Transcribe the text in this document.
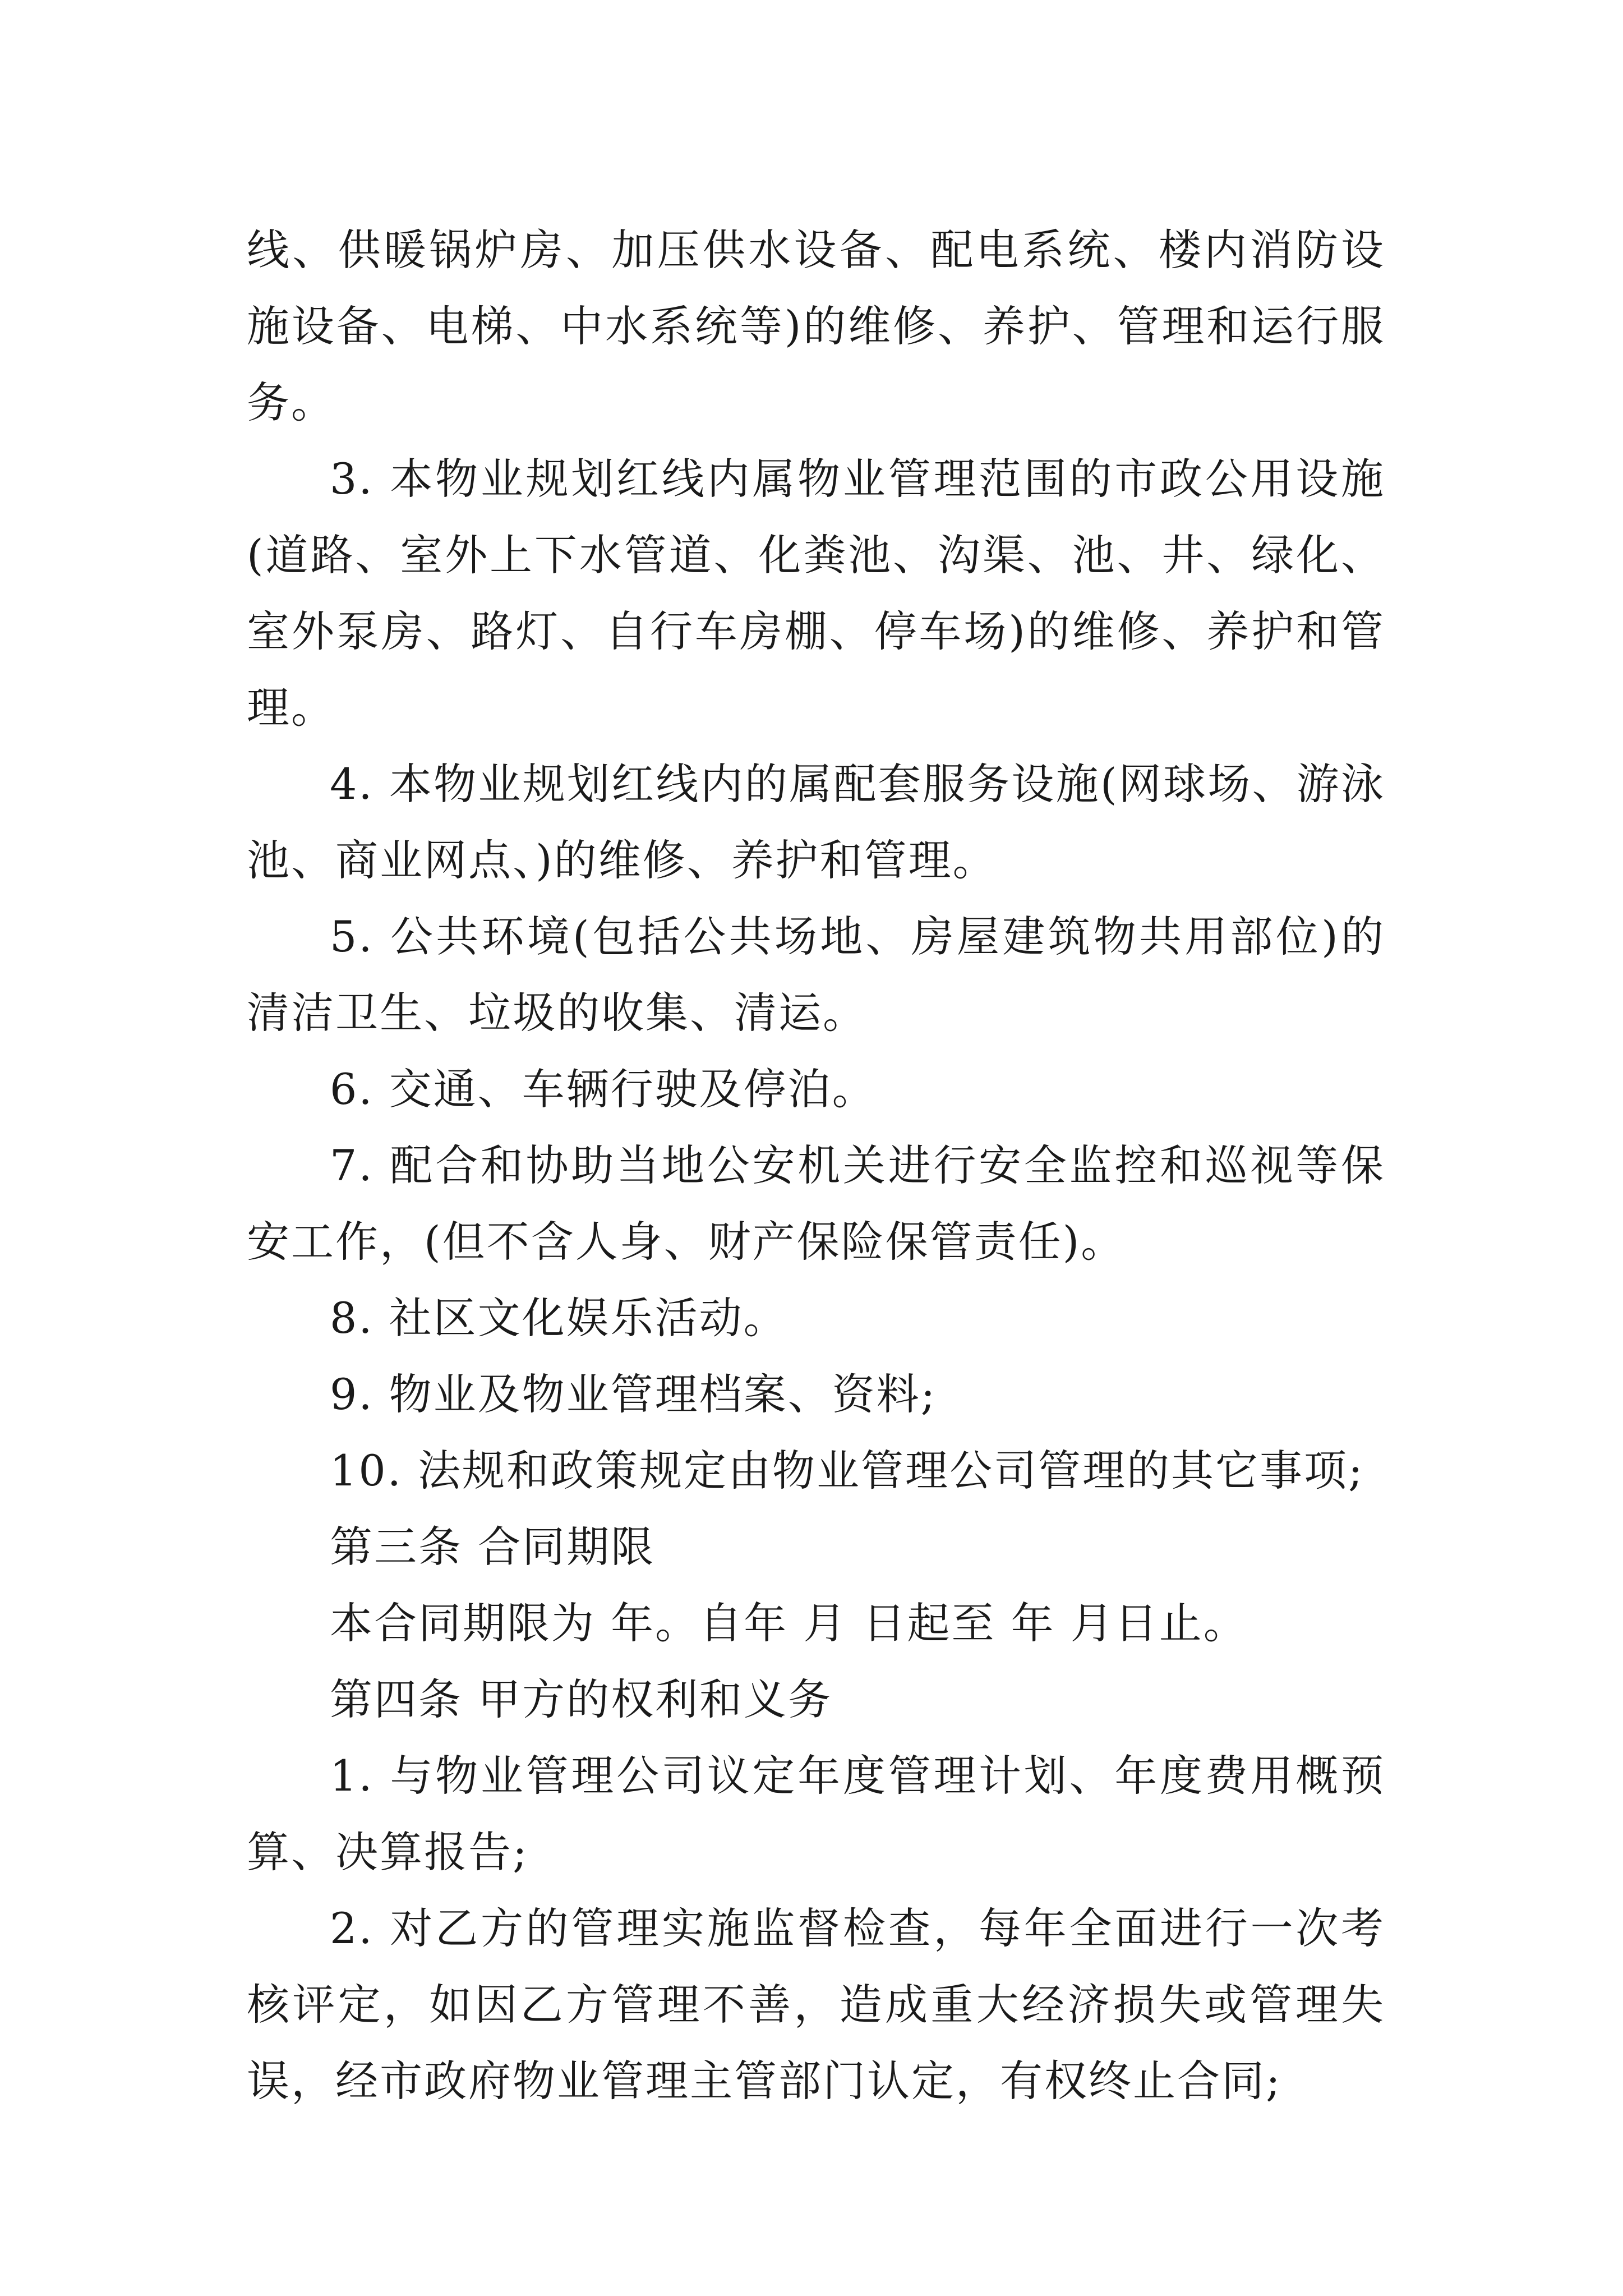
线、供暖锅炉房、加压供水设备、配电系统、楼内消防设施设备、电梯、中水系统等)的维修、养护、管理和运行服务。

3. 本物业规划红线内属物业管理范围的市政公用设施(道路、室外上下水管道、化粪池、沟渠、池、井、绿化、室外泵房、路灯、自行车房棚、停车场)的维修、养护和管理。

4. 本物业规划红线内的属配套服务设施(网球场、游泳池、商业网点、)的维修、养护和管理。

5. 公共环境(包括公共场地、房屋建筑物共用部位)的清洁卫生、垃圾的收集、清运。

6. 交通、车辆行驶及停泊。

7. 配合和协助当地公安机关进行安全监控和巡视等保安工作，(但不含人身、财产保险保管责任)。

8. 社区文化娱乐活动。

9. 物业及物业管理档案、资料;

10. 法规和政策规定由物业管理公司管理的其它事项;

第三条 合同期限

本合同期限为 年。自年 月 日起至 年 月日止。

第四条 甲方的权利和义务

1. 与物业管理公司议定年度管理计划、年度费用概预算、决算报告;

2. 对乙方的管理实施监督检查，每年全面进行一次考核评定，如因乙方管理不善，造成重大经济损失或管理失误，经市政府物业管理主管部门认定，有权终止合同;
